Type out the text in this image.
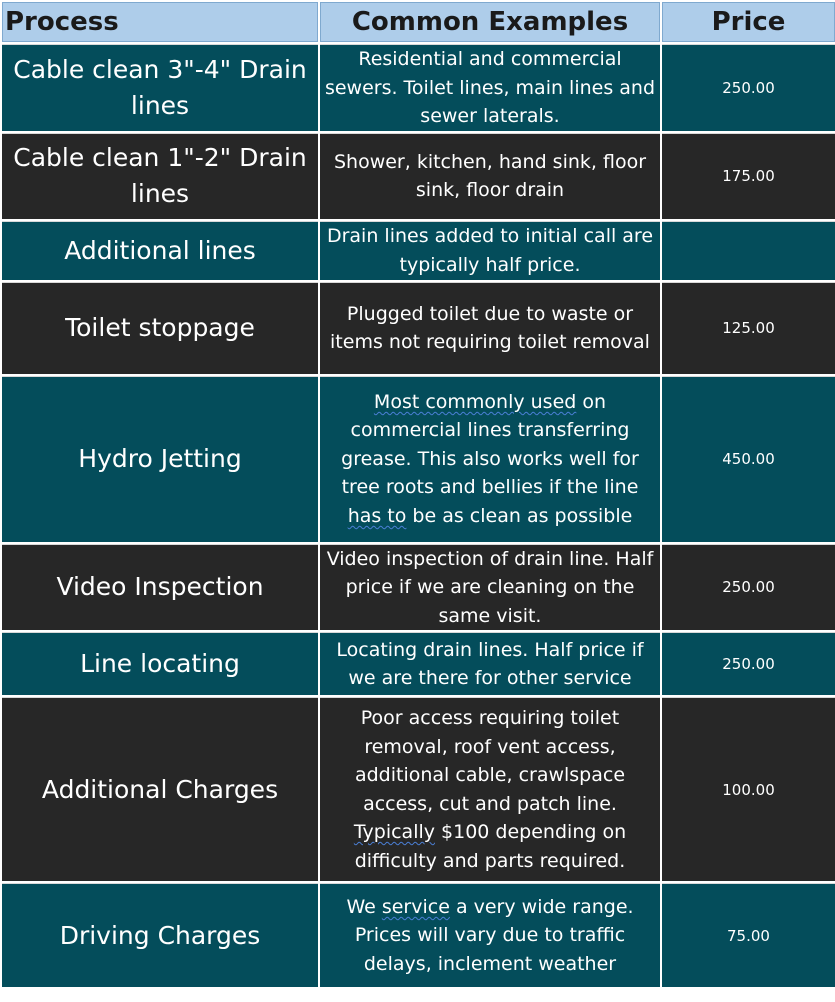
Process	Common Examples	Price
Cable clean 3"-4" Drain lines	Residential and commercial sewers. Toilet lines, main lines and sewer laterals.	250.00
Cable clean 1"-2" Drain lines	Shower, kitchen, hand sink, floor sink, floor drain	175.00
Additional lines	Drain lines added to initial call are typically half price.	
Toilet stoppage	Plugged toilet due to waste or items not requiring toilet removal	125.00
Hydro Jetting	Most commonly used on commercial lines transferring grease. This also works well for tree roots and bellies if the line has to be as clean as possible	450.00
Video Inspection	Video inspection of drain line. Half price if we are cleaning on the same visit.	250.00
Line locating	Locating drain lines. Half price if we are there for other service	250.00
Additional Charges	Poor access requiring toilet removal, roof vent access, additional cable, crawlspace access, cut and patch line. Typically $100 depending on difficulty and parts required.	100.00
Driving Charges	We service a very wide range. Prices will vary due to traffic delays, inclement weather	75.00
